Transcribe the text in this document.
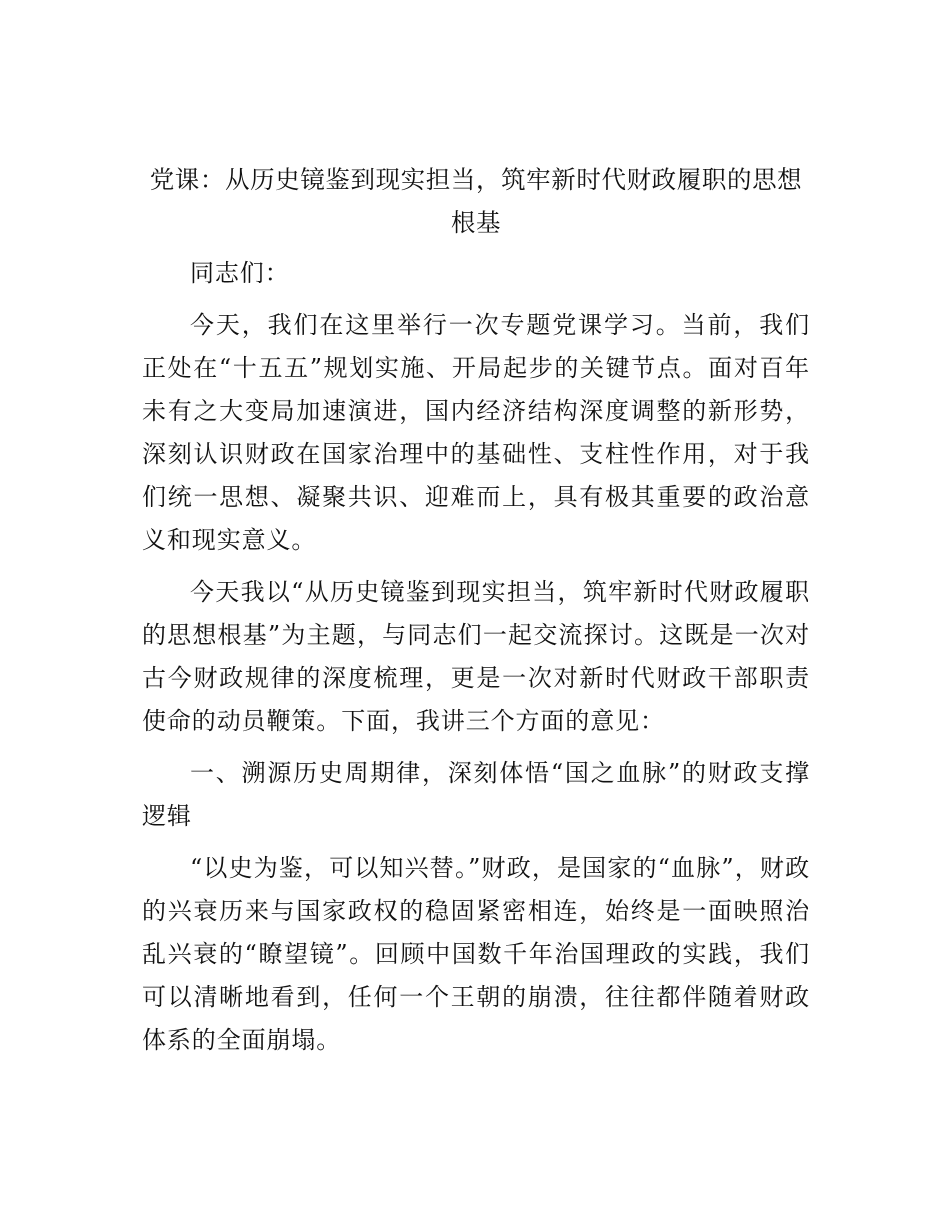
党课：从历史镜鉴到现实担当，筑牢新时代财政履职的思想根基

同志们：

今天，我们在这里举行一次专题党课学习。当前，我们正处在“十五五”规划实施、开局起步的关键节点。面对百年未有之大变局加速演进，国内经济结构深度调整的新形势，深刻认识财政在国家治理中的基础性、支柱性作用，对于我们统一思想、凝聚共识、迎难而上，具有极其重要的政治意义和现实意义。

今天我以“从历史镜鉴到现实担当，筑牢新时代财政履职的思想根基”为主题，与同志们一起交流探讨。这既是一次对古今财政规律的深度梳理，更是一次对新时代财政干部职责使命的动员鞭策。下面，我讲三个方面的意见：

一、溯源历史周期律，深刻体悟“国之血脉”的财政支撑逻辑

“以史为鉴，可以知兴替。”财政，是国家的“血脉”，财政的兴衰历来与国家政权的稳固紧密相连，始终是一面映照治乱兴衰的“瞭望镜”。回顾中国数千年治国理政的实践，我们可以清晰地看到，任何一个王朝的崩溃，往往都伴随着财政体系的全面崩塌。
